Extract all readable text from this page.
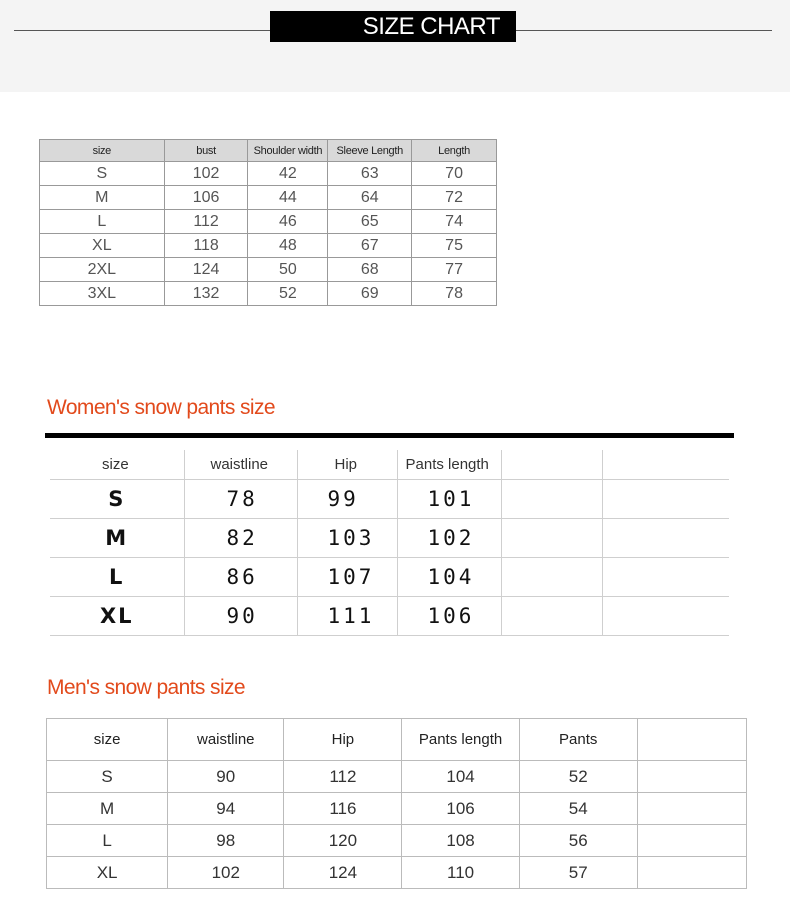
SIZE CHART
size	bust	Shoulder width	Sleeve Length	Length
S	102	42	63	70
M	106	44	64	72
L	112	46	65	74
XL	118	48	67	75
2XL	124	50	68	77
3XL	132	52	69	78
Women's snow pants size
size	waistline	Hip	Pants length		
S	78	99	101		
M	82	103	102		
L	86	107	104		
XL	90	111	106		
Men's snow pants size
size	waistline	Hip	Pants length	Pants	
S	90	112	104	52	
M	94	116	106	54	
L	98	120	108	56	
XL	102	124	110	57	
